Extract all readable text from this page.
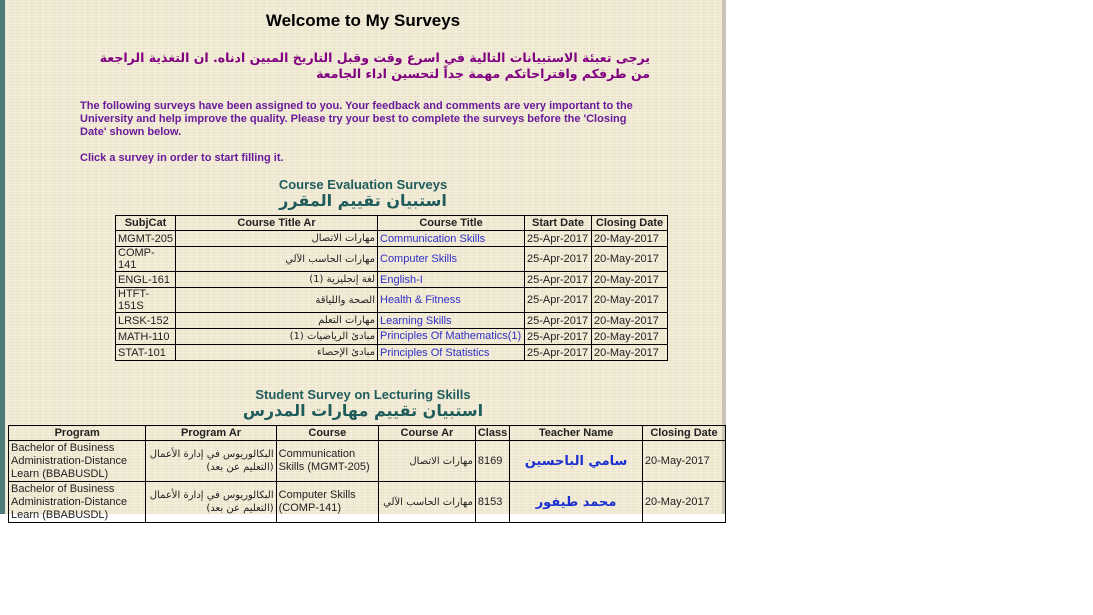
Welcome to My Surveys
يرجى تعبئة الاستبيانات التالية في اسرع وقت وقبل التاريخ المبين ادناه. ان التغذية الراجعة من طرفكم واقتراحاتكم مهمة جداً لتحسين اداء الجامعة

The following surveys have been assigned to you. Your feedback and comments are very important to the University and help improve the quality. Please try your best to complete the surveys before the 'Closing Date' shown below.

Click a survey in order to start filling it.

Course Evaluation Surveys
استبيان تقييم المقرر
SubjCat	Course Title Ar	Course Title	Start Date	Closing Date
MGMT-205	مهارات الاتصال	Communication Skills	25-Apr-2017	20-May-2017
COMP-141	مهارات الحاسب الآلي	Computer Skills	25-Apr-2017	20-May-2017
ENGL-161	لغة إنجليزية (1)	English-I	25-Apr-2017	20-May-2017
HTFT-151S	الصحة واللياقة	Health & Fitness	25-Apr-2017	20-May-2017
LRSK-152	مهارات التعلم	Learning Skills	25-Apr-2017	20-May-2017
MATH-110	مبادئ الرياضيات (1)	Principles Of Mathematics(1)	25-Apr-2017	20-May-2017
STAT-101	مبادئ الإحصاء	Principles Of Statistics	25-Apr-2017	20-May-2017
Student Survey on Lecturing Skills
استبيان تقييم مهارات المدرس
Program	Program Ar	Course	Course Ar	Class	Teacher Name	Closing Date
Bachelor of Business Administration-Distance Learn (BBABUSDL)	البكالوريوس في إدارة الأعمال (التعليم عن بعد)	Communication Skills (MGMT-205)	مهارات الاتصال	8169	سامي الباحسين	20-May-2017
Bachelor of Business Administration-Distance Learn (BBABUSDL)	البكالوريوس في إدارة الأعمال (التعليم عن بعد)	Computer Skills (COMP-141)	مهارات الحاسب الآلي	8153	محمد طيفور	20-May-2017
